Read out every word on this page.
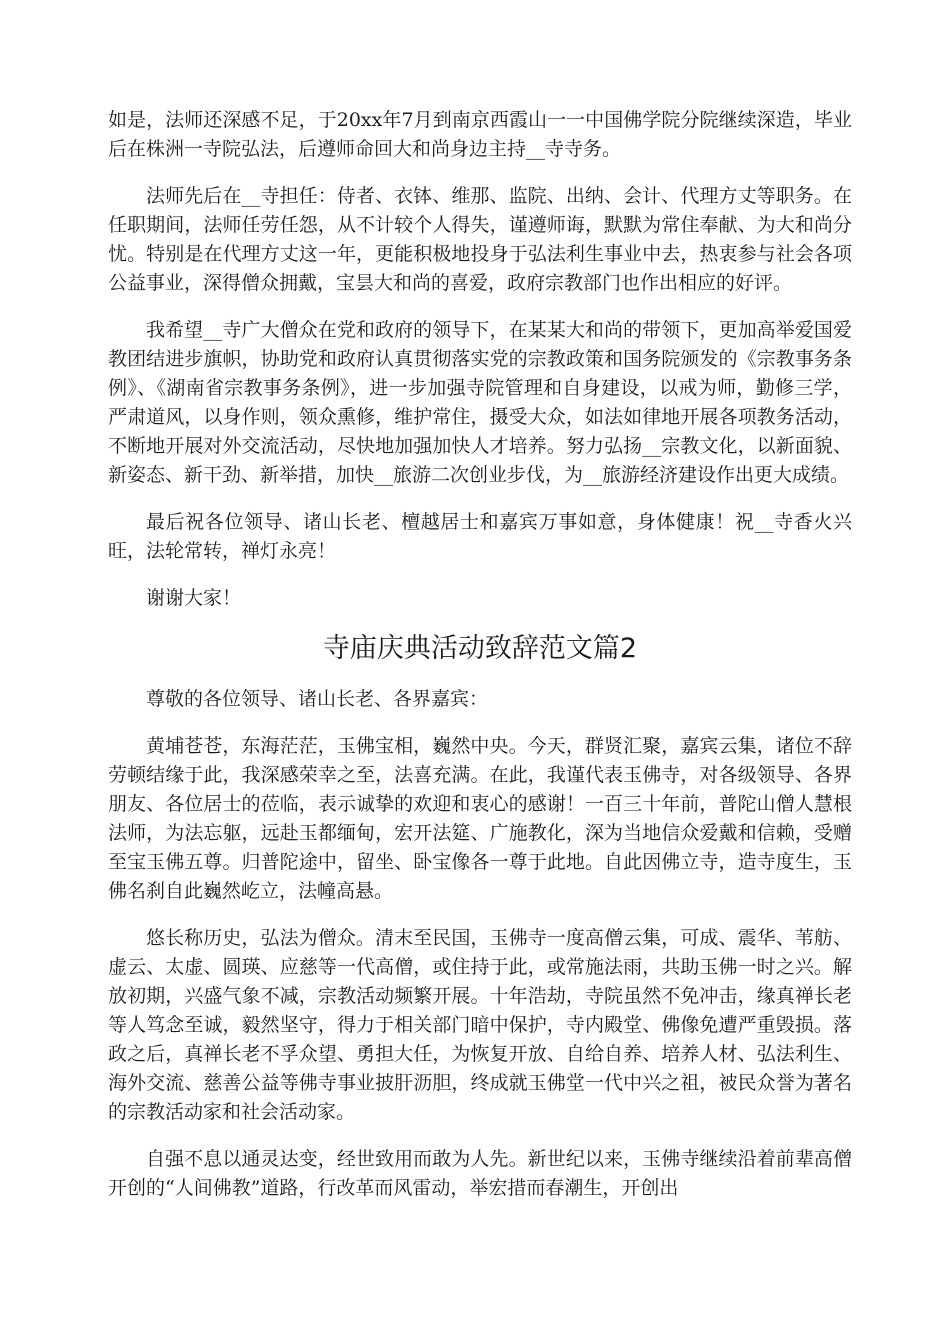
如是，法师还深感不足，于20xx年7月到南京西霞山一一中国佛学院分院继续深造，毕业后在株洲一寺院弘法，后遵师命回大和尚身边主持__寺寺务。

法师先后在__寺担任：侍者、衣钵、维那、监院、出纳、会计、代理方丈等职务。在任职期间，法师任劳任怨，从不计较个人得失，谨遵师诲，默默为常住奉献、为大和尚分忧。特别是在代理方丈这一年，更能积极地投身于弘法利生事业中去，热衷参与社会各项公益事业，深得僧众拥戴，宝昙大和尚的喜爱，政府宗教部门也作出相应的好评。

我希望__寺广大僧众在党和政府的领导下，在某某大和尚的带领下，更加高举爱国爱教团结进步旗帜，协助党和政府认真贯彻落实党的宗教政策和国务院颁发的《宗教事务条例》、《湖南省宗教事务条例》，进一步加强寺院管理和自身建设，以戒为师，勤修三学，严肃道风，以身作则，领众熏修，维护常住，摄受大众，如法如律地开展各项教务活动，不断地开展对外交流活动，尽快地加强加快人才培养。努力弘扬__宗教文化，以新面貌、新姿态、新干劲、新举措，加快__旅游二次创业步伐，为__旅游经济建设作出更大成绩。

最后祝各位领导、诸山长老、檀越居士和嘉宾万事如意，身体健康！祝__寺香火兴旺，法轮常转，禅灯永亮！

谢谢大家！

寺庙庆典活动致辞范文篇2

尊敬的各位领导、诸山长老、各界嘉宾：

黄埔苍苍，东海茫茫，玉佛宝相，巍然中央。今天，群贤汇聚，嘉宾云集，诸位不辞劳顿结缘于此，我深感荣幸之至，法喜充满。在此，我谨代表玉佛寺，对各级领导、各界朋友、各位居士的莅临，表示诚挚的欢迎和衷心的感谢！一百三十年前，普陀山僧人慧根法师，为法忘躯，远赴玉都缅甸，宏开法筵、广施教化，深为当地信众爱戴和信赖，受赠至宝玉佛五尊。归普陀途中，留坐、卧宝像各一尊于此地。自此因佛立寺，造寺度生，玉佛名刹自此巍然屹立，法幢高悬。

悠长称历史，弘法为僧众。清末至民国，玉佛寺一度高僧云集，可成、震华、苇舫、虚云、太虚、圆瑛、应慈等一代高僧，或住持于此，或常施法雨，共助玉佛一时之兴。解放初期，兴盛气象不减，宗教活动频繁开展。十年浩劫，寺院虽然不免冲击，缘真禅长老等人笃念至诚，毅然坚守，得力于相关部门暗中保护，寺内殿堂、佛像免遭严重毁损。落政之后，真禅长老不孚众望、勇担大任，为恢复开放、自给自养、培养人材、弘法利生、海外交流、慈善公益等佛寺事业披肝沥胆，终成就玉佛堂一代中兴之祖，被民众誉为著名的宗教活动家和社会活动家。

自强不息以通灵达变，经世致用而敢为人先。新世纪以来，玉佛寺继续沿着前辈高僧开创的“人间佛教”道路，行改革而风雷动，举宏措而春潮生，开创出
